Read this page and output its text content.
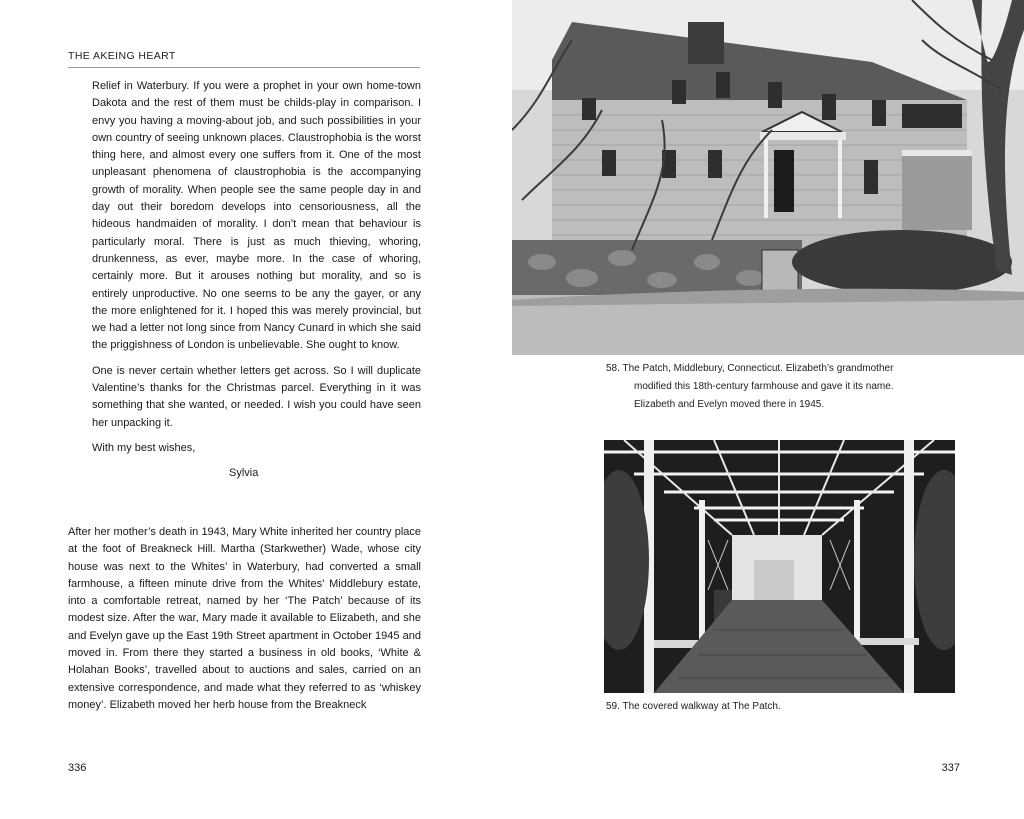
THE AKEING HEART

Relief in Waterbury. If you were a prophet in your own home-town Dakota and the rest of them must be childs-play in comparison. I envy you having a moving-about job, and such possibilities in your own country of seeing unknown places. Claustrophobia is the worst thing here, and almost every one suffers from it. One of the most unpleasant phenomena of claustrophobia is the accompanying growth of morality. When people see the same people day in and day out their boredom develops into censoriousness, all the hideous handmaiden of morality. I don’t mean that behaviour is particularly moral. There is just as much thieving, whoring, drunkenness, as ever, maybe more. In the case of whoring, certainly more. But it arouses nothing but morality, and so is entirely unproductive. No one seems to be any the gayer, or any the more enlightened for it. I hoped this was merely provincial, but we had a letter not long since from Nancy Cunard in which she said the priggishness of London is unbelievable. She ought to know.

One is never certain whether letters get across. So I will duplicate Valentine’s thanks for the Christmas parcel. Everything in it was something that she wanted, or needed. I wish you could have seen her unpacking it.

With my best wishes,

Sylvia

After her mother’s death in 1943, Mary White inherited her country place at the foot of Breakneck Hill. Martha (Starkwether) Wade, whose city house was next to the Whites’ in Waterbury, had converted a small farmhouse, a fifteen minute drive from the Whites’ Middlebury estate, into a comfortable retreat, named by her ‘The Patch’ because of its modest size. After the war, Mary made it available to Elizabeth, and she and Evelyn gave up the East 19th Street apartment in October 1945 and moved in. From there they started a business in old books, ‘White & Holahan Books’, travelled about to auctions and sales, carried on an extensive correspondence, and made what they referred to as ‘whiskey money’. Elizabeth moved her herb house from the Breakneck

336
58. The Patch, Middlebury, Connecticut. Elizabeth’s grandmother
modified this 18th-century farmhouse and gave it its name.
Elizabeth and Evelyn moved there in 1945.
59. The covered walkway at The Patch.
337
